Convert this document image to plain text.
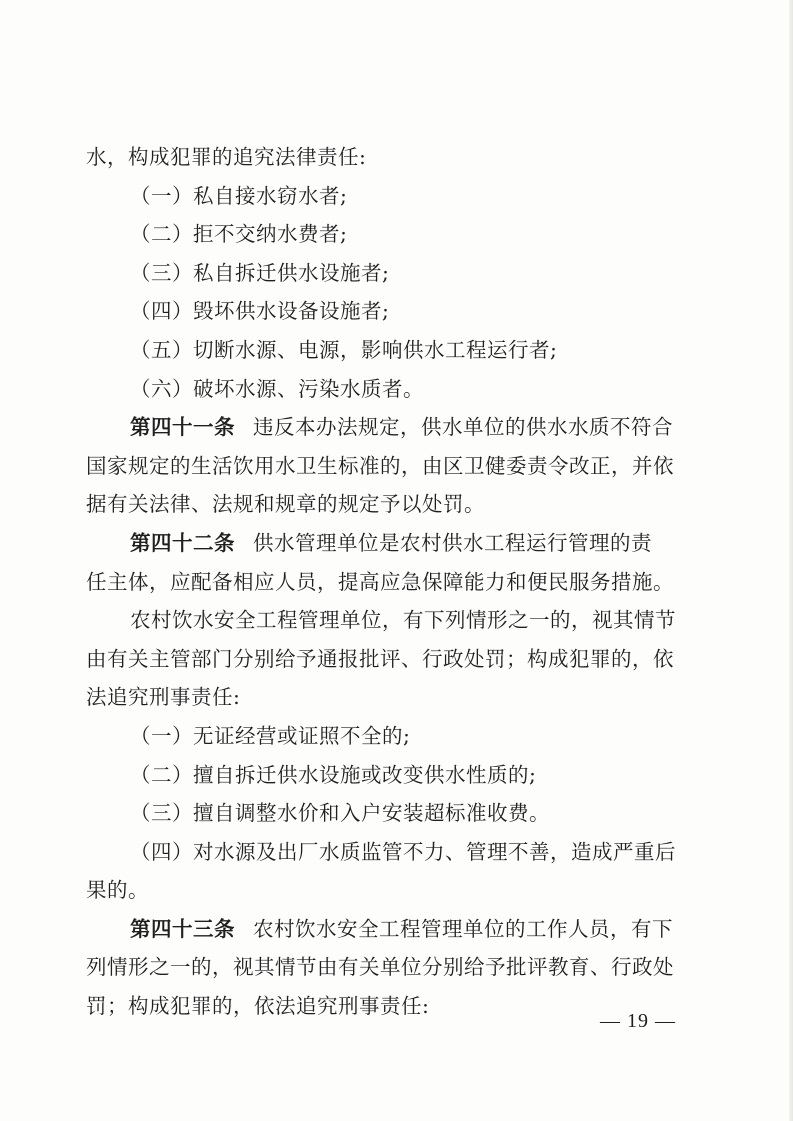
水，构成犯罪的追究法律责任:
（一）私自接水窃水者;
（二）拒不交纳水费者;
（三）私自拆迁供水设施者;
（四）毁坏供水设备设施者;
（五）切断水源、电源，影响供水工程运行者;
（六）破坏水源、污染水质者。
第四十一条 违反本办法规定，供水单位的供水水质不符合
国家规定的生活饮用水卫生标准的，由区卫健委责令改正，并依
据有关法律、法规和规章的规定予以处罚。
第四十二条 供水管理单位是农村供水工程运行管理的责
任主体，应配备相应人员，提高应急保障能力和便民服务措施。
农村饮水安全工程管理单位，有下列情形之一的，视其情节
由有关主管部门分别给予通报批评、行政处罚；构成犯罪的，依
法追究刑事责任:
（一）无证经营或证照不全的;
（二）擅自拆迁供水设施或改变供水性质的;
（三）擅自调整水价和入户安装超标准收费。
（四）对水源及出厂水质监管不力、管理不善，造成严重后
果的。
第四十三条 农村饮水安全工程管理单位的工作人员，有下
列情形之一的，视其情节由有关单位分别给予批评教育、行政处
罚；构成犯罪的，依法追究刑事责任:
— 19 —
